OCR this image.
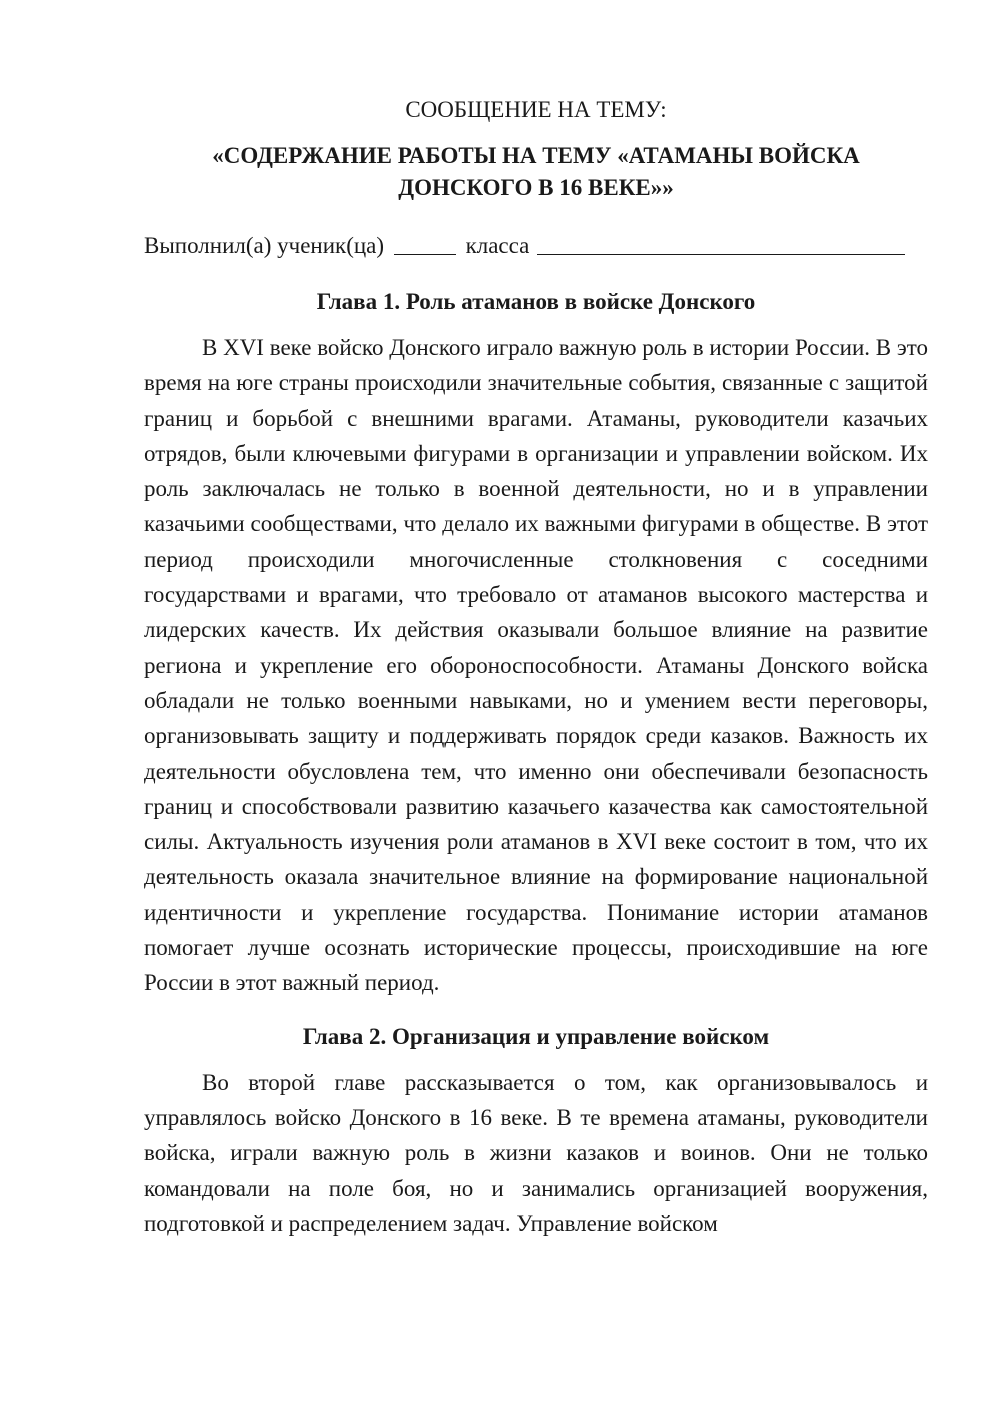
СООБЩЕНИЕ НА ТЕМУ:

«СОДЕРЖАНИЕ РАБОТЫ НА ТЕМУ «АТАМАНЫ ВОЙСКА
ДОНСКОГО В 16 ВЕКЕ»»

Выполнил(а) ученик(ца)	класса

Глава 1. Роль атаманов в войске Донского

В XVI веке войско Донского играло важную роль в истории России. В это время на юге страны происходили значительные события, связанные с защитой границ и борьбой с внешними врагами. Атаманы, руководители казачьих отрядов, были ключевыми фигурами в организации и управлении войском. Их роль заключалась не только в военной деятельности, но и в управлении казачьими сообществами, что делало их важными фигурами в обществе. В этот период происходили многочисленные столкновения с соседними государствами и врагами, что требовало от атаманов высокого мастерства и лидерских качеств. Их действия оказывали большое влияние на развитие региона и укрепление его обороноспособности. Атаманы Донского войска обладали не только военными навыками, но и умением вести переговоры, организовывать защиту и поддерживать порядок среди казаков. Важность их деятельности обусловлена тем, что именно они обеспечивали безопасность границ и способствовали развитию казачьего казачества как самостоятельной силы. Актуальность изучения роли атаманов в XVI веке состоит в том, что их деятельность оказала значительное влияние на формирование национальной идентичности и укрепление государства. Понимание истории атаманов помогает лучше осознать исторические процессы, происходившие на юге России в этот важный период.

Глава 2. Организация и управление войском

Во второй главе рассказывается о том, как организовывалось и управлялось войско Донского в 16 веке. В те времена атаманы, руководители войска, играли важную роль в жизни казаков и воинов. Они не только командовали на поле боя, но и занимались организацией вооружения, подготовкой и распределением задач. Управление войском
